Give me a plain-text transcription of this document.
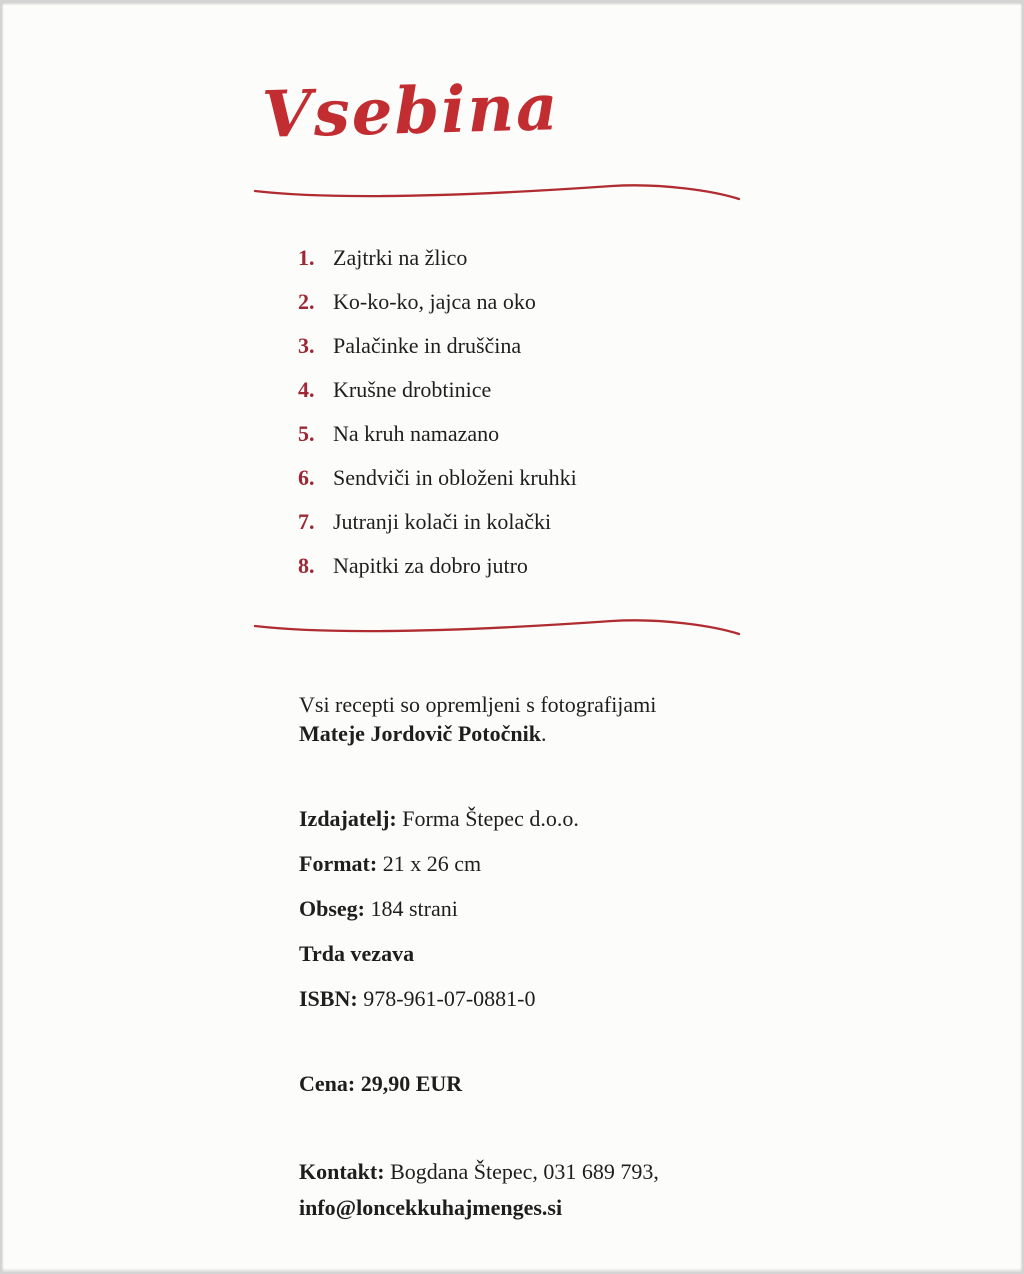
Vsebina
1. Zajtrki na žlico
2. Ko-ko-ko, jajca na oko
3. Palačinke in druščina
4. Krušne drobtinice
5. Na kruh namazano
6. Sendviči in obloženi kruhki
7. Jutranji kolači in kolački
8. Napitki za dobro jutro

Vsi recepti so opremljeni s fotografijami
Mateje Jordovič Potočnik.

Izdajatelj: Forma Štepec d.o.o.

Format: 21 x 26 cm

Obseg: 184 strani

Trda vezava

ISBN: 978-961-07-0881-0

Cena: 29,90 EUR

Kontakt: Bogdana Štepec, 031 689 793,
info@loncekkuhajmenges.si
